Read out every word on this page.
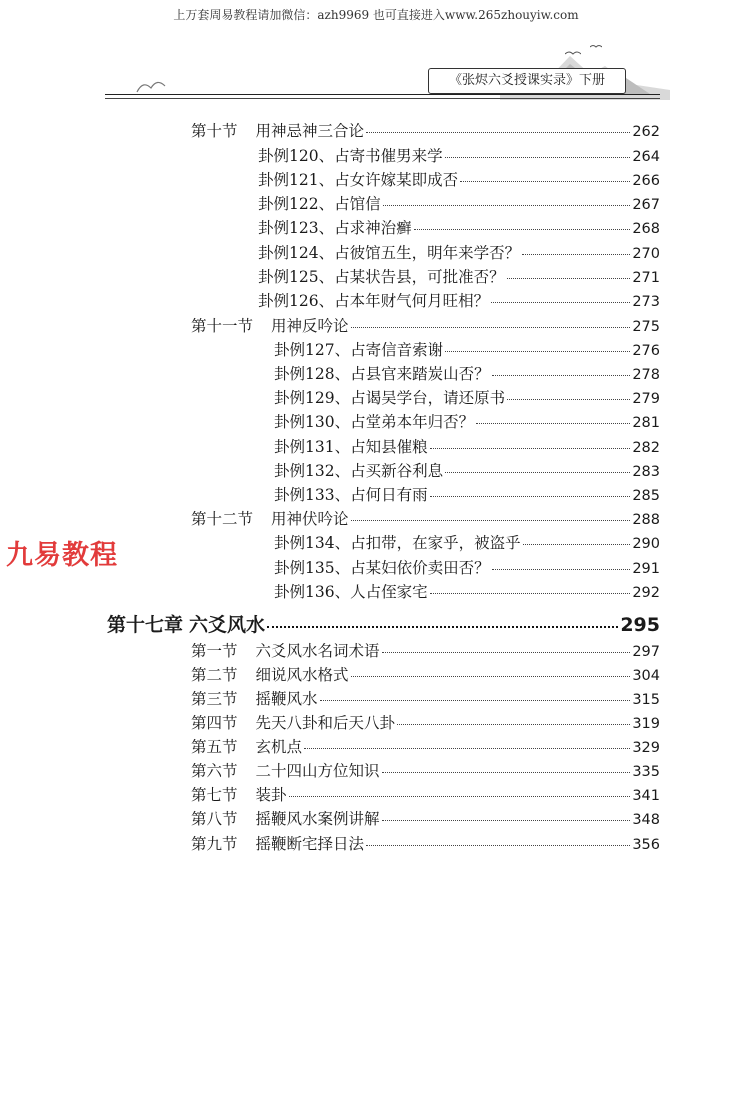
上万套周易教程请加微信：azh9969 也可直接进入www.265zhouyiw.com
《张烬六爻授课实录》下册
九易教程
第十节 用神忌神三合论	262
卦例120、占寄书催男来学	264
卦例121、占女许嫁某即成否	266
卦例122、占馆信	267
卦例123、占求神治癣	268
卦例124、占彼馆五生，明年来学否？	270
卦例125、占某状告县，可批准否？	271
卦例126、占本年财气何月旺相？	273
第十一节 用神反吟论	275
卦例127、占寄信音索谢	276
卦例128、占县官来踏炭山否？	278
卦例129、占谒吴学台，请还原书	279
卦例130、占堂弟本年归否？	281
卦例131、占知县催粮	282
卦例132、占买新谷利息	283
卦例133、占何日有雨	285
第十二节 用神伏吟论	288
卦例134、占扣带，在家乎，被盗乎	290
卦例135、占某妇依价卖田否？	291
卦例136、人占侄家宅	292
第十七章 六爻风水	295
第一节 六爻风水名词术语	297
第二节 细说风水格式	304
第三节 摇鞭风水	315
第四节 先天八卦和后天八卦	319
第五节 玄机点	329
第六节 二十四山方位知识	335
第七节 装卦	341
第八节 摇鞭风水案例讲解	348
第九节 摇鞭断宅择日法	356
